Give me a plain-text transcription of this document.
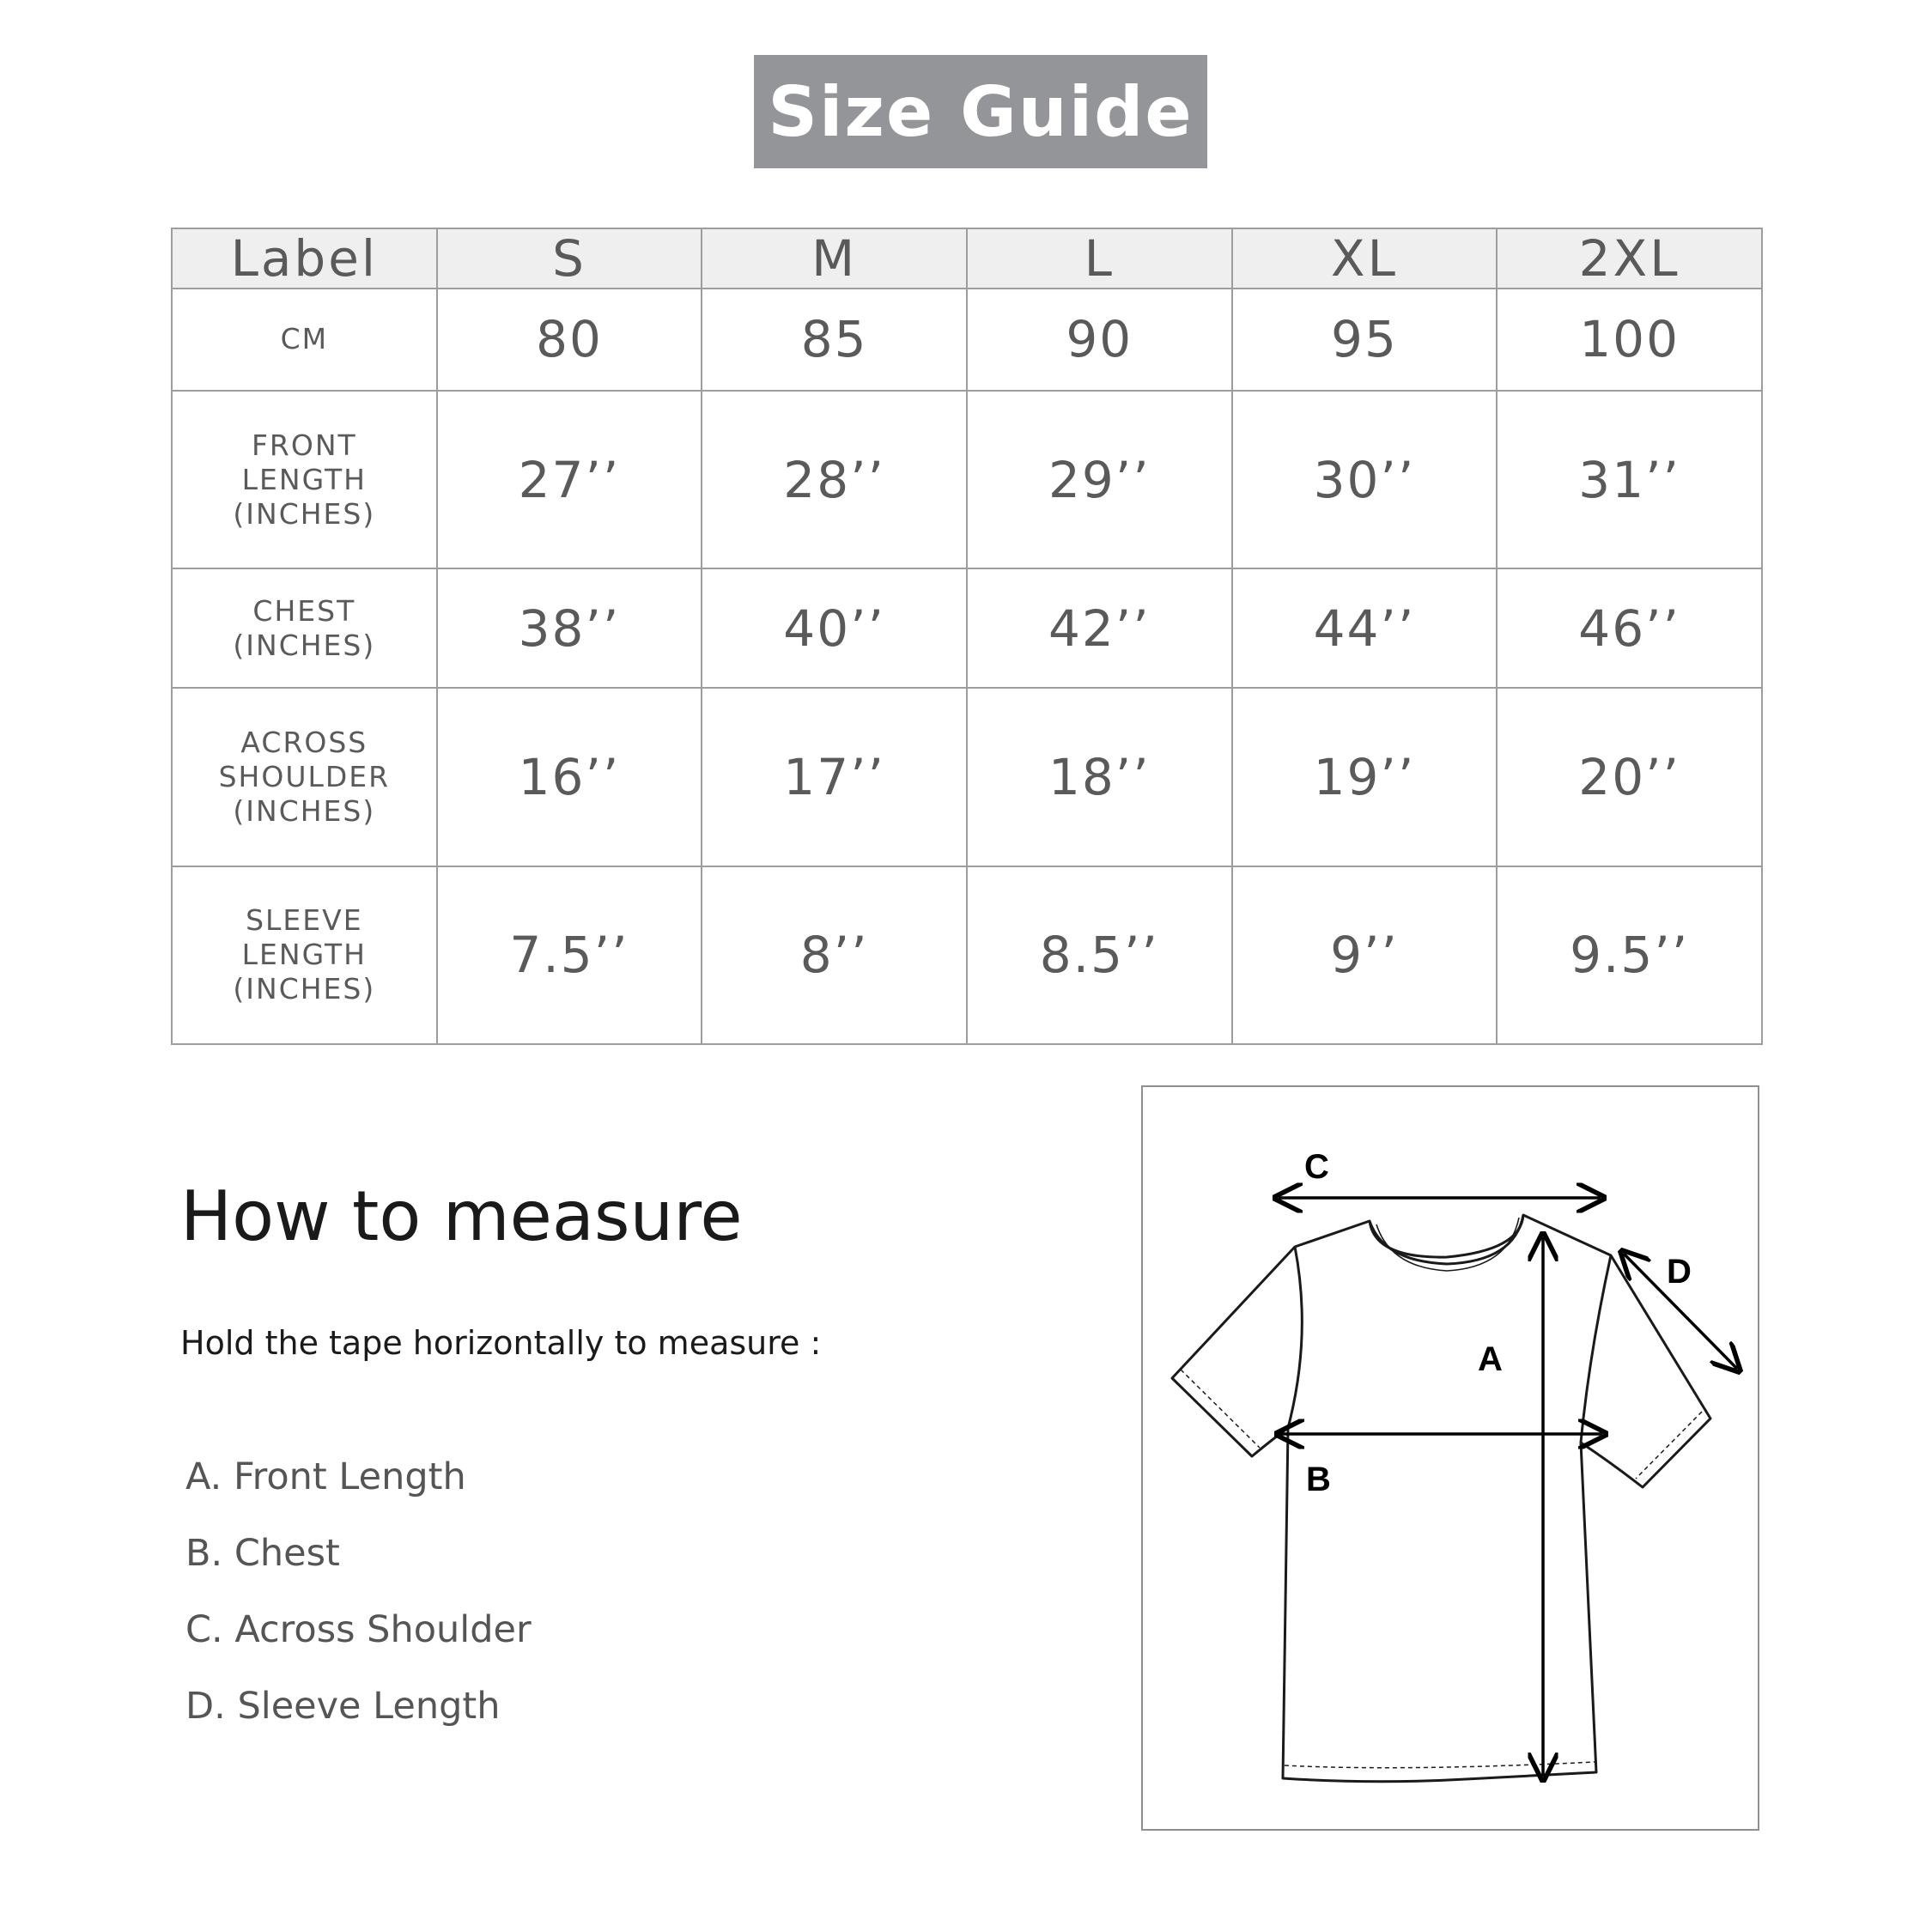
Size Guide
Label	S	M	L	XL	2XL

CM	80	85	90	95	100

FRONT
LENGTH
(INCHES)	27’’	28’’	29’’	30’’	31’’

CHEST
(INCHES)	38’’	40’’	42’’	44’’	46’’

ACROSS
SHOULDER
(INCHES)	16’’	17’’	18’’	19’’	20’’

SLEEVE
LENGTH
(INCHES)	7.5’’	8’’	8.5’’	9’’	9.5’’
How to measure
Hold the tape horizontally to measure :
A. Front Length
B. Chest
C. Across Shoulder
D. Sleeve Length
C
A
B
D
